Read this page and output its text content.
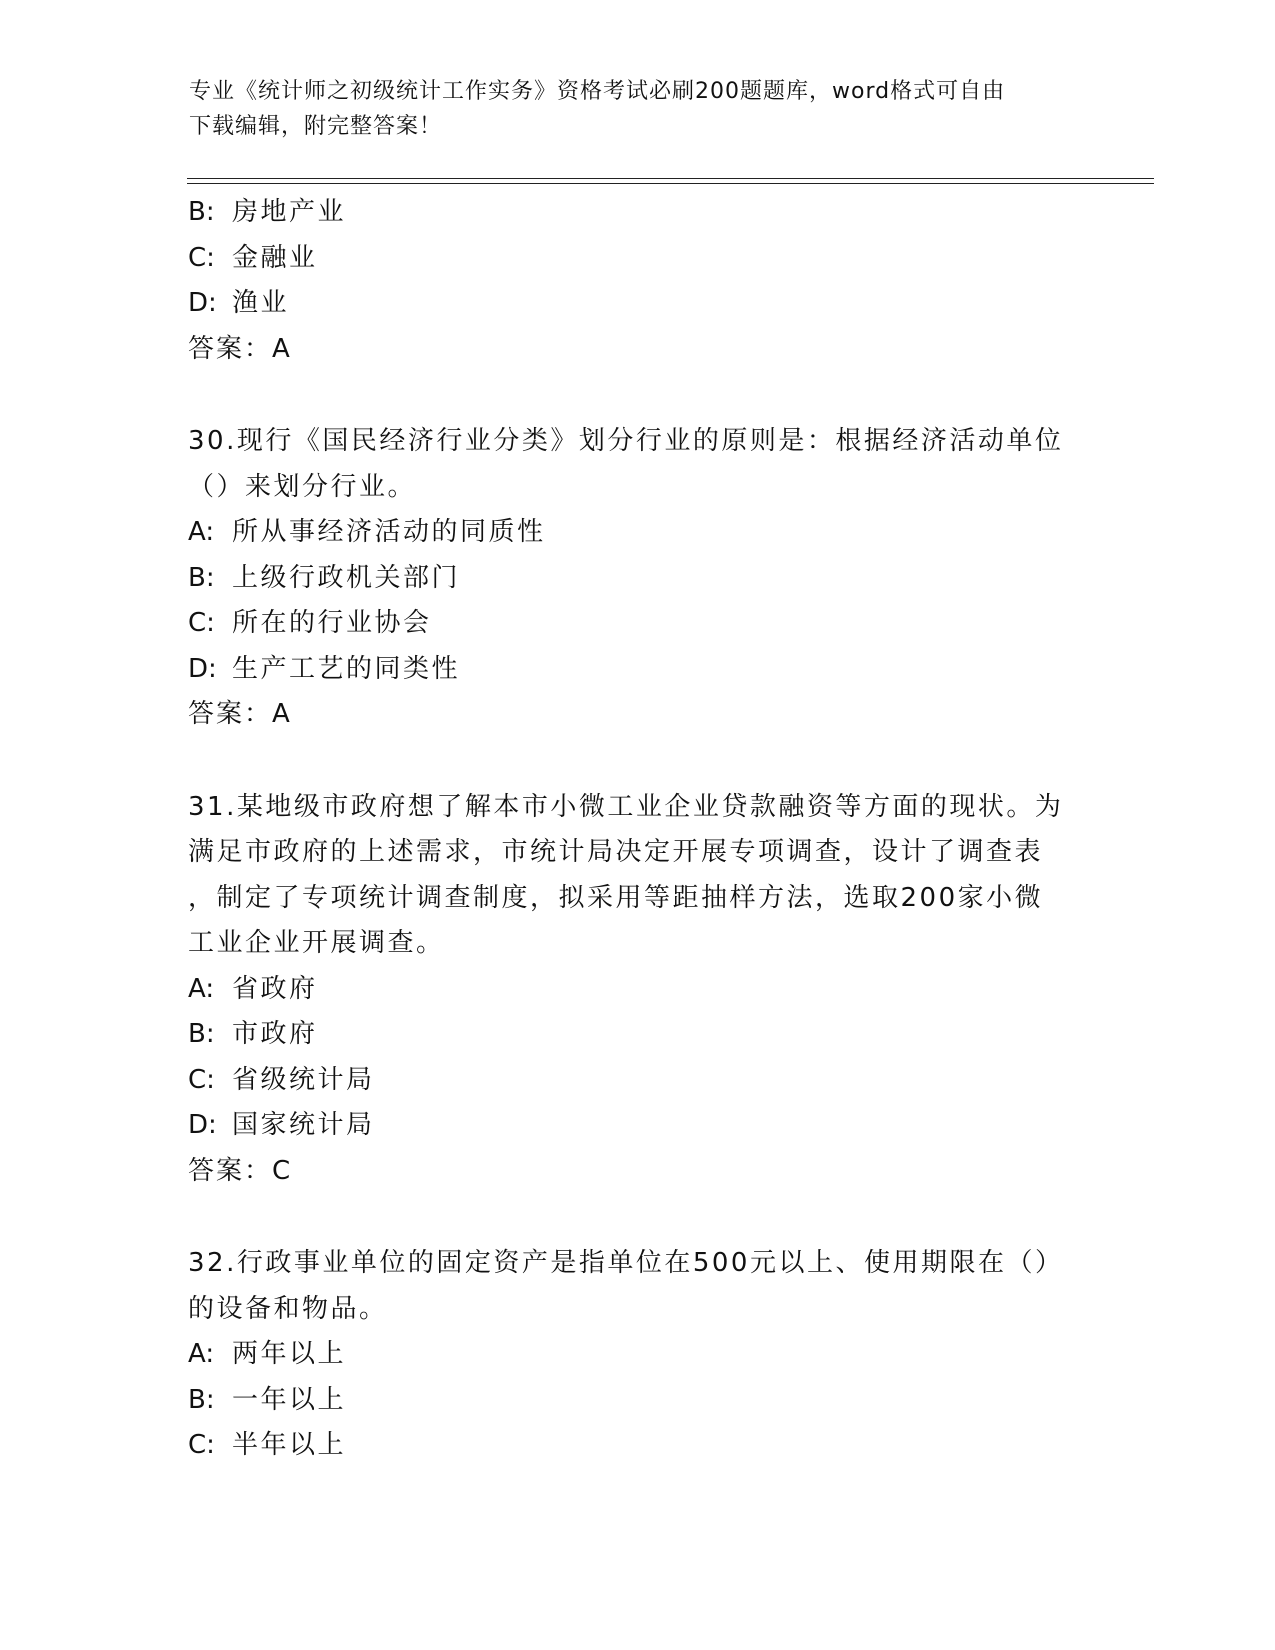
专业《统计师之初级统计工作实务》资格考试必刷200题题库，word格式可自由
下载编辑，附完整答案！
B: 房地产业
C: 金融业
D: 渔业
答案：A
30.现行《国民经济行业分类》划分行业的原则是：根据经济活动单位
（）来划分行业。
A: 所从事经济活动的同质性
B: 上级行政机关部门
C: 所在的行业协会
D: 生产工艺的同类性
答案：A
31.某地级市政府想了解本市小微工业企业贷款融资等方面的现状。为
满足市政府的上述需求，市统计局决定开展专项调查，设计了调查表
，制定了专项统计调查制度，拟采用等距抽样方法，选取200家小微
工业企业开展调查。
A: 省政府
B: 市政府
C: 省级统计局
D: 国家统计局
答案：C
32.行政事业单位的固定资产是指单位在500元以上、使用期限在（）
的设备和物品。
A: 两年以上
B: 一年以上
C: 半年以上
